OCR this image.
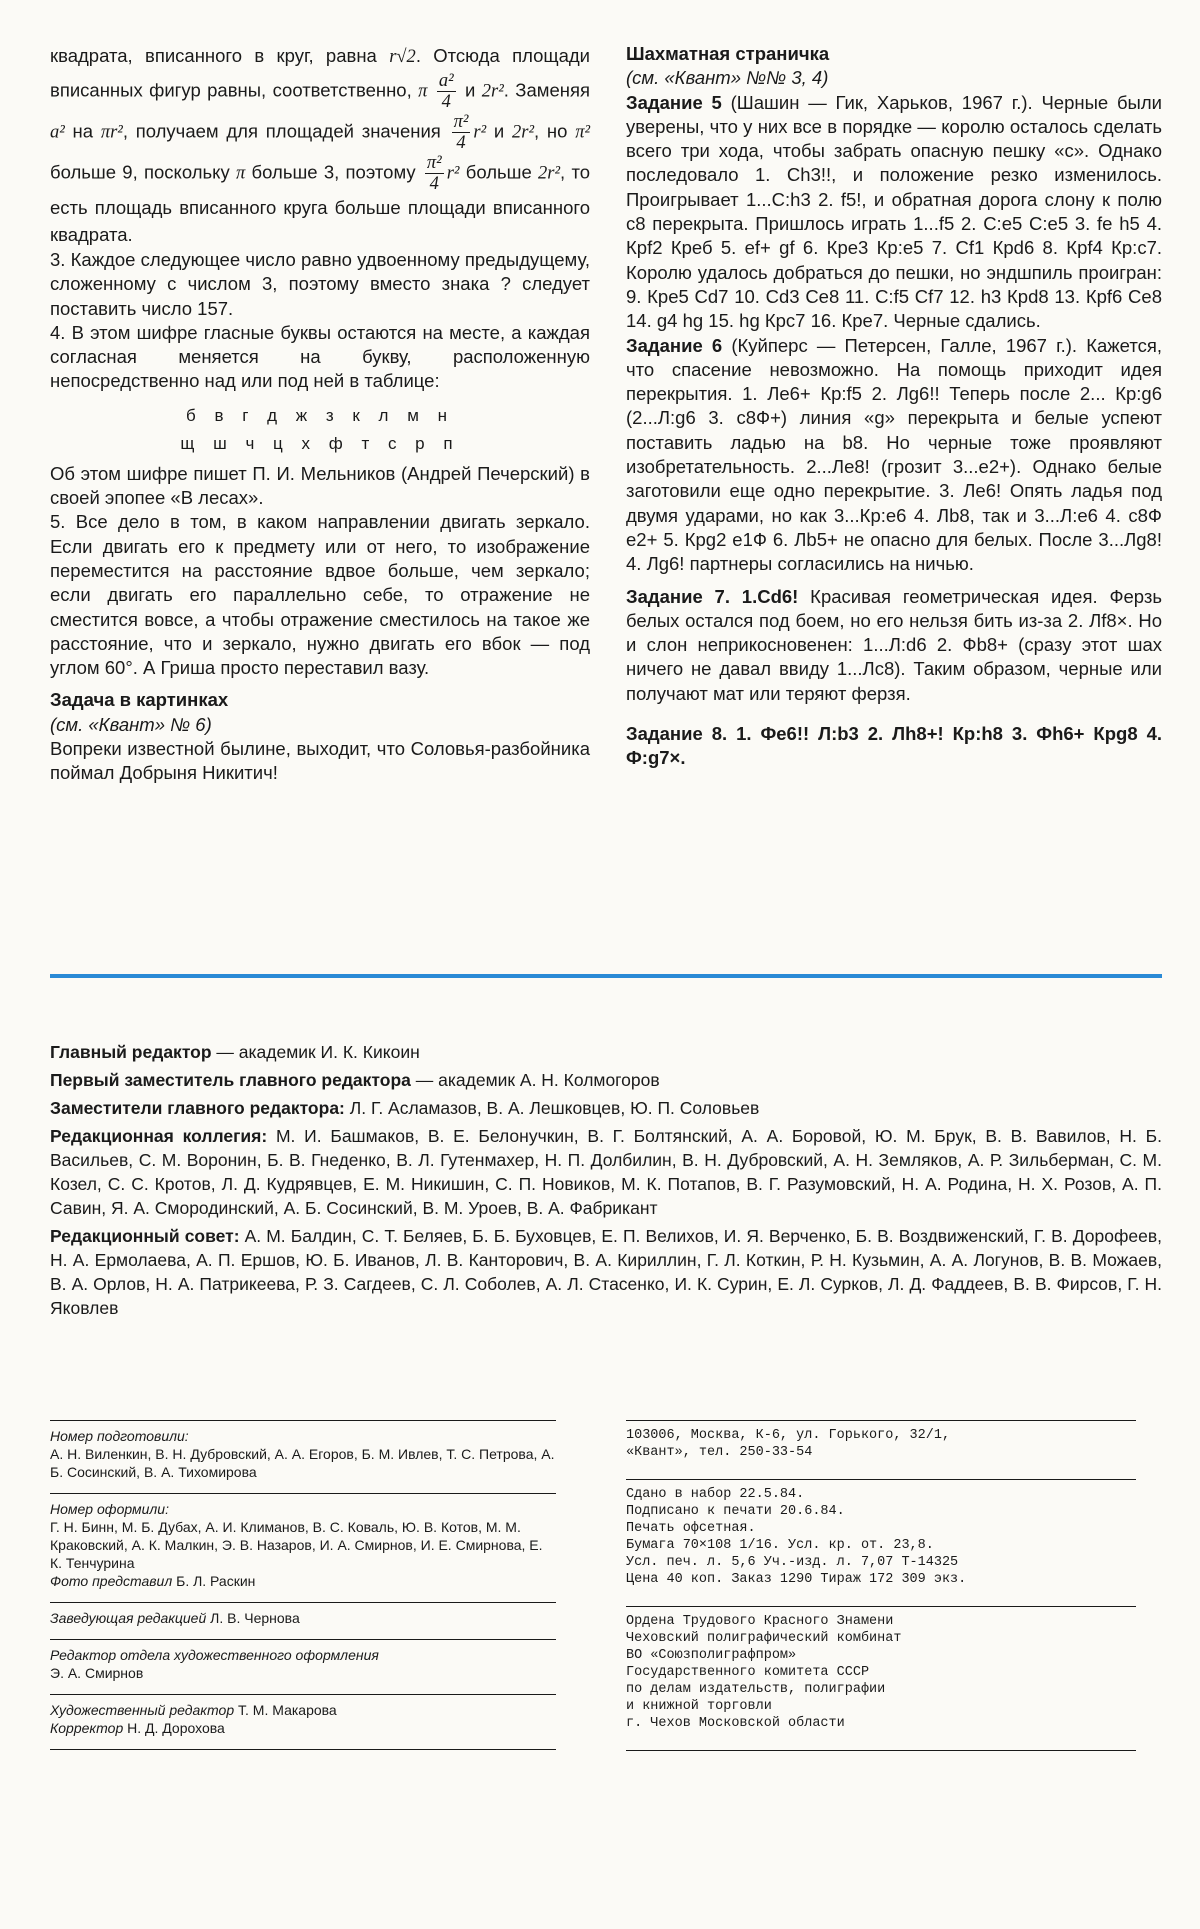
квадрата, вписанного в круг, равна r√2. Отсюда площади вписанных фигур равны, соответственно, π $\frac{\text{a²}}{4}$ и 2r². Заменяя a² на πr², получаем для площадей значения $\frac{\text{π²}}{4} r^2$ и 2r², но π² больше 9, поскольку π больше 3, поэтому $\frac{\text{π²}}{4} r^2$ больше 2r², то есть площадь вписанного круга больше площади вписанного квадрата.

3. Каждое следующее число равно удвоенному предыдущему, сложенному с числом 3, поэтому вместо знака ? следует поставить число 157.

4. В этом шифре гласные буквы остаются на месте, а каждая согласная меняется на букву, расположенную непосредственно над или под ней в таблице:

б в г д ж з к л м н
щ ш ч ц х ф т с р п

Об этом шифре пишет П. И. Мельников (Андрей Печерский) в своей эпопее «В лесах».

5. Все дело в том, в каком направлении двигать зеркало. Если двигать его к предмету или от него, то изображение переместится на расстояние вдвое больше, чем зеркало; если двигать его параллельно себе, то отражение не сместится вовсе, а чтобы отражение сместилось на такое же расстояние, что и зеркало, нужно двигать его вбок — под углом 60°. А Гриша просто переставил вазу.

Задача в картинках
(см. «Квант» № 6)

Вопреки известной былине, выходит, что Соловья-разбойника поймал Добрыня Никитич!

Шахматная страничка
(см. «Квант» №№ 3, 4)

Задание 5 (Шашин — Гик, Харьков, 1967 г.). Черные были уверены, что у них все в порядке — королю осталось сделать всего три хода, чтобы забрать опасную пешку «c». Однако последовало 1. Сh3!!, и положение резко изменилось. Проигрывает 1...С:h3 2. f5!, и обратная дорога слону к полю с8 перекрыта. Пришлось играть 1...f5 2. С:е5 С:е5 3. fe h5 4. Крf2 Креб 5. ef+ gf 6. Кре3 Кр:е5 7. Сf1 Крd6 8. Крf4 Кр:с7. Королю удалось добраться до пешки, но эндшпиль проигран: 9. Кре5 Сd7 10. Сd3 Се8 11. С:f5 Сf7 12. h3 Крd8 13. Крf6 Се8 14. g4 hg 15. hg Крс7 16. Кре7. Черные сдались.

Задание 6 (Куйперс — Петерсен, Галле, 1967 г.). Кажется, что спасение невозможно. На помощь приходит идея перекрытия. 1. Ле6+ Кр:f5 2. Лg6!! Теперь после 2... Кр:g6 (2...Л:g6 3. с8Ф+) линия «g» перекрыта и белые успеют поставить ладью на b8. Но черные тоже проявляют изобретательность. 2...Ле8! (грозит 3...е2+). Однако белые заготовили еще одно перекрытие. 3. Ле6! Опять ладья под двумя ударами, но как 3...Кр:е6 4. Лb8, так и 3...Л:е6 4. с8Ф е2+ 5. Крg2 е1Ф 6. Лb5+ не опасно для белых. После 3...Лg8! 4. Лg6! партнеры согласились на ничью.

Задание 7. 1.Сd6! Красивая геометрическая идея. Ферзь белых остался под боем, но его нельзя бить из-за 2. Лf8×. Но и слон неприкосновенен: 1...Л:d6 2. Фb8+ (сразу этот шах ничего не давал ввиду 1...Лс8). Таким образом, черные или получают мат или теряют ферзя.

Задание 8. 1. Фе6!! Л:b3 2. Лh8+! Кр:h8 3. Фh6+ Крg8 4. Ф:g7×.

Главный редактор — академик И. К. Кикоин

Первый заместитель главного редактора — академик А. Н. Колмогоров

Заместители главного редактора: Л. Г. Асламазов, В. А. Лешковцев, Ю. П. Соловьев

Редакционная коллегия: М. И. Башмаков, В. Е. Белонучкин, В. Г. Болтянский, А. А. Боровой, Ю. М. Брук, В. В. Вавилов, Н. Б. Васильев, С. М. Воронин, Б. В. Гнеденко, В. Л. Гутенмахер, Н. П. Долбилин, В. Н. Дубровский, А. Н. Земляков, А. Р. Зильберман, С. М. Козел, С. С. Кротов, Л. Д. Кудрявцев, Е. М. Никишин, С. П. Новиков, М. К. Потапов, В. Г. Разумовский, Н. А. Родина, Н. Х. Розов, А. П. Савин, Я. А. Смородинский, А. Б. Сосинский, В. М. Уроев, В. А. Фабрикант

Редакционный совет: А. М. Балдин, С. Т. Беляев, Б. Б. Буховцев, Е. П. Велихов, И. Я. Верченко, Б. В. Воздвиженский, Г. В. Дорофеев, Н. А. Ермолаева, А. П. Ершов, Ю. Б. Иванов, Л. В. Канторович, В. А. Кириллин, Г. Л. Коткин, Р. Н. Кузьмин, А. А. Логунов, В. В. Можаев, В. А. Орлов, Н. А. Патрикеева, Р. З. Сагдеев, С. Л. Соболев, А. Л. Стасенко, И. К. Сурин, Е. Л. Сурков, Л. Д. Фаддеев, В. В. Фирсов, Г. Н. Яковлев

Номер подготовили:
А. Н. Виленкин, В. Н. Дубровский, А. А. Егоров, Б. М. Ивлев, Т. С. Петрова, А. Б. Сосинский, В. А. Тихомирова
Номер оформили:
Г. Н. Бинн, М. Б. Дубах, А. И. Климанов, В. С. Коваль, Ю. В. Котов, М. М. Краковский, А. К. Малкин, Э. В. Назаров, И. А. Смирнов, И. Е. Смирнова, Е. К. Тенчурина
Фото представил Б. Л. Раскин
Заведующая редакцией Л. В. Чернова
Редактор отдела художественного оформления
Э. А. Смирнов
Художественный редактор Т. М. Макарова
Корректор Н. Д. Дорохова
103006, Москва, К-6, ул. Горького, 32/1,
«Квант», тел. 250-33-54
Сдано в набор 22.5.84.
Подписано к печати 20.6.84.
Печать офсетная.
Бумага 70×108 1/16. Усл. кр. от. 23,8.
Усл. печ. л. 5,6 Уч.-изд. л. 7,07 Т-14325
Цена 40 коп. Заказ 1290 Тираж 172 309 экз.
Ордена Трудового Красного Знамени
Чеховский полиграфический комбинат
ВО «Союзполиграфпром»
Государственного комитета СССР
по делам издательств, полиграфии
и книжной торговли
г. Чехов Московской области
